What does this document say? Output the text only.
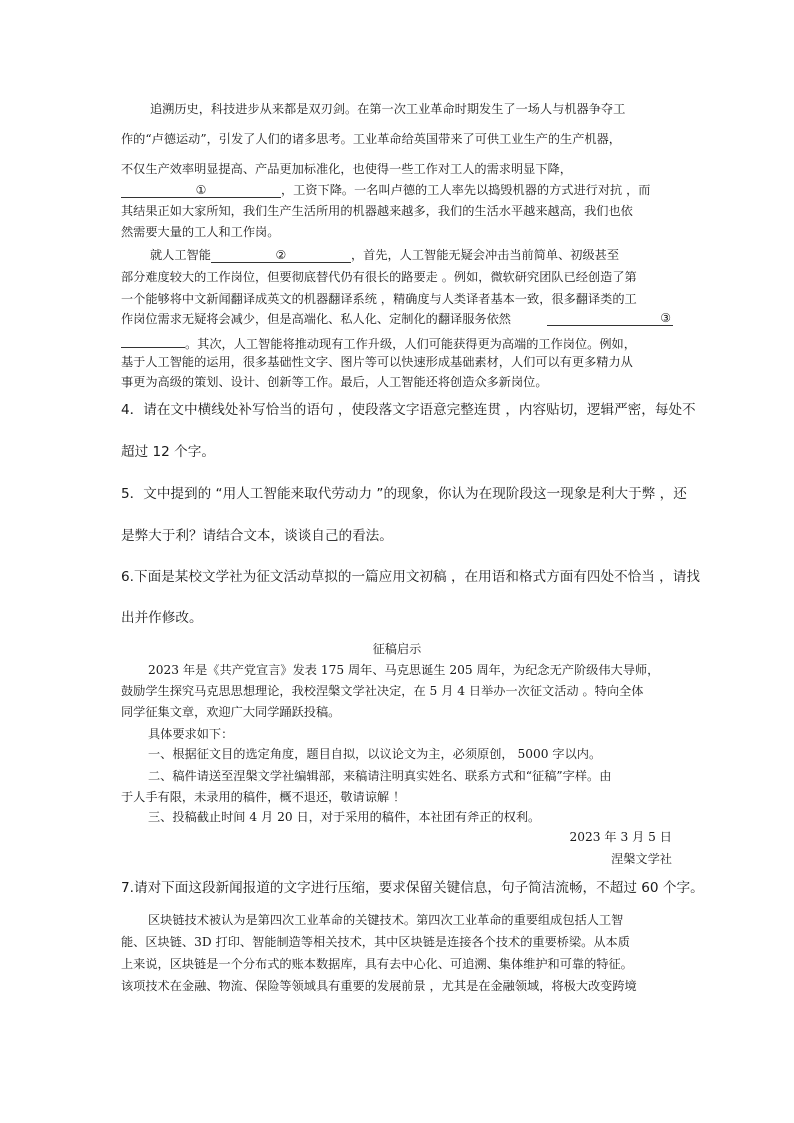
追溯历史，科技进步从来都是双刃剑。在第一次工业革命时期发生了一场人与机器争夺工
作的“卢德运动”，引发了人们的诸多思考。工业革命给英国带来了可供工业生产的生产机器，
不仅生产效率明显提高、产品更加标准化，也使得一些工作对工人的需求明显下降，
①	，工资下降。一名叫卢德的工人率先以捣毁机器的方式进行对抗 ，而
其结果正如大家所知，我们生产生活所用的机器越来越多，我们的生活水平越来越高，我们也依
然需要大量的工人和工作岗。
就人工智能	②	，首先，人工智能无疑会冲击当前简单、初级甚至
部分难度较大的工作岗位，但要彻底替代仍有很长的路要走 。例如，微软研究团队已经创造了第
一个能够将中文新闻翻译成英文的机器翻译系统 ，精确度与人类译者基本一致，很多翻译类的工
作岗位需求无疑将会减少，但是高端化、私人化、定制化的翻译服务依然	③
。其次，人工智能将推动现有工作升级，人们可能获得更为高端的工作岗位。例如，
基于人工智能的运用，很多基础性文字、图片等可以快速形成基础素材，人们可以有更多精力从
事更为高级的策划、设计、创新等工作。最后，人工智能还将创造众多新岗位。
4．请在文中横线处补写恰当的语句 ，使段落文字语意完整连贯 ，内容贴切，逻辑严密，每处不
超过 12 个字。
5．文中提到的 “用人工智能来取代劳动力 ”的现象，你认为在现阶段这一现象是利大于弊 ，还
是弊大于利？请结合文本，谈谈自己的看法。
6.下面是某校文学社为征文活动草拟的一篇应用文初稿 ，在用语和格式方面有四处不恰当 ，请找
出并作修改。
征稿启示
2023 年是《共产党宣言》发表 175 周年、马克思诞生 205 周年，为纪念无产阶级伟大导师，
鼓励学生探究马克思思想理论，我校涅槃文学社决定，在 5 月 4 日举办一次征文活动 。特向全体
同学征集文章，欢迎广大同学踊跃投稿。
具体要求如下：
一、根据征文目的选定角度，题目自拟，以议论文为主，必须原创， 5000 字以内。
二、稿件请送至涅槃文学社编辑部，来稿请注明真实姓名、联系方式和“征稿”字样。由
于人手有限，未录用的稿件，概不退还，敬请谅解 ！
三、投稿截止时间 4 月 20 日，对于采用的稿件，本社团有斧正的权利。
2023 年 3 月 5 日
涅槃文学社
7.请对下面这段新闻报道的文字进行压缩，要求保留关键信息，句子简洁流畅，不超过 60 个字。
区块链技术被认为是第四次工业革命的关键技术。第四次工业革命的重要组成包括人工智
能、区块链、3D 打印、智能制造等相关技术，其中区块链是连接各个技术的重要桥梁。从本质
上来说，区块链是一个分布式的账本数据库，具有去中心化、可追溯、集体维护和可靠的特征。
该项技术在金融、物流、保险等领域具有重要的发展前景 ，尤其是在金融领域，将极大改变跨境
